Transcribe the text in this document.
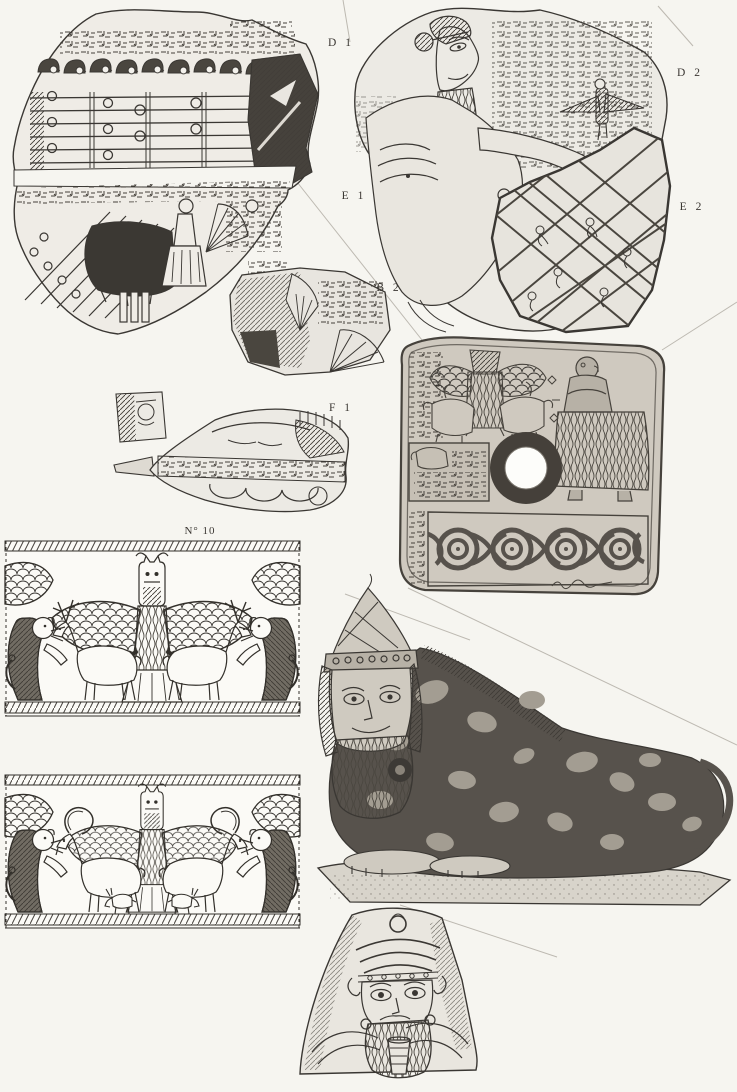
D 1
D 2
E 1
E 2
B 2
F 1
N° 10
